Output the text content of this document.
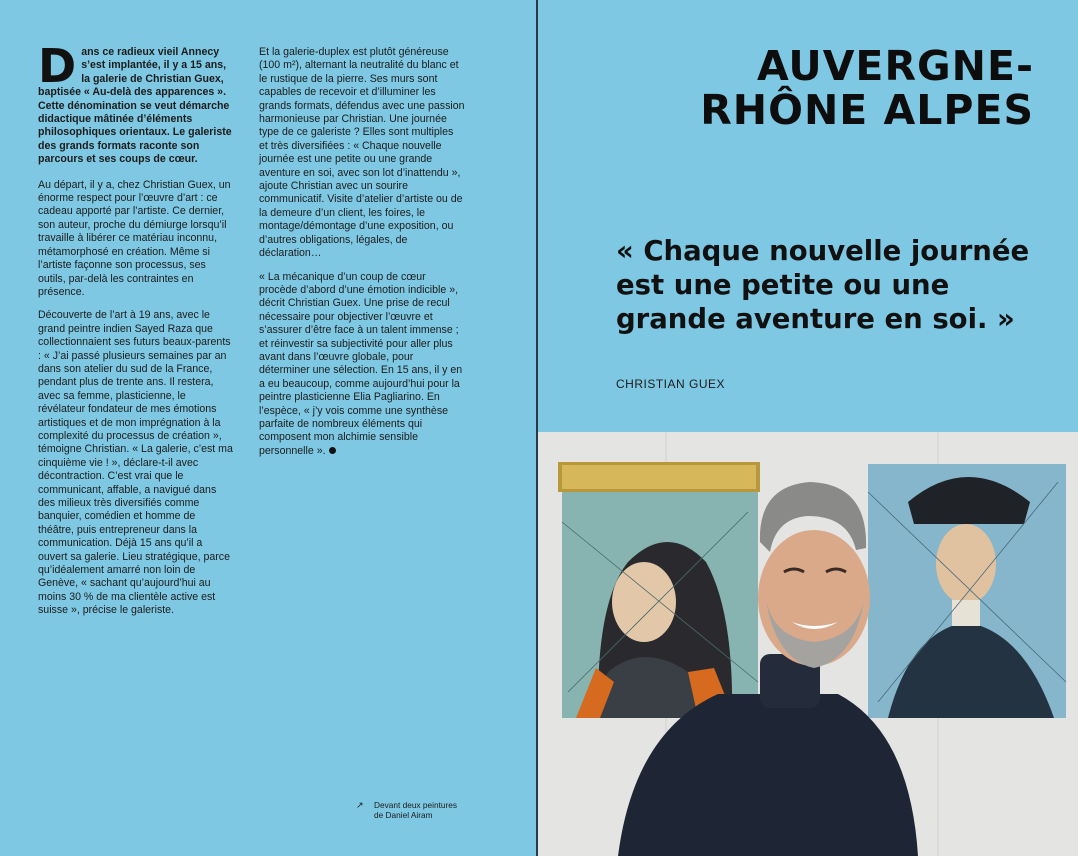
Dans ce radieux vieil Annecy s’est implantée, il y a 15 ans, la galerie de Christian Guex, baptisée « Au-delà des apparences ». Cette dénomination se veut démarche didactique mâtinée d’éléments philosophiques orientaux. Le galeriste des grands formats raconte son parcours et ses coups de cœur.

Au départ, il y a, chez Christian Guex, un énorme respect pour l’œuvre d’art : ce cadeau apporté par l’artiste. Ce dernier, son auteur, proche du démiurge lorsqu’il travaille à libérer ce matériau inconnu, métamorphosé en création. Même si l’artiste façonne son processus, ses outils, par-delà les contraintes en présence.

Découverte de l’art à 19 ans, avec le grand peintre indien Sayed Raza que collectionnaient ses futurs beaux-parents : « J’ai passé plusieurs semaines par an dans son atelier du sud de la France, pendant plus de trente ans. Il restera, avec sa femme, plasticienne, le révélateur fondateur de mes émotions artistiques et de mon imprégnation à la complexité du processus de création », témoigne Christian. « La galerie, c’est ma cinquième vie ! », déclare-t-il avec décontraction. C’est vrai que le communicant, affable, a navigué dans des milieux très diversifiés comme banquier, comédien et homme de théâtre, puis entrepreneur dans la communication. Déjà 15 ans qu’il a ouvert sa galerie. Lieu stratégique, parce qu’idéalement amarré non loin de Genève, « sachant qu’aujourd’hui au moins 30 % de ma clientèle active est suisse », précise le galeriste.

Et la galerie-duplex est plutôt généreuse (100 m²), alternant la neutralité du blanc et le rustique de la pierre. Ses murs sont capables de recevoir et d’illuminer les grands formats, défendus avec une passion harmonieuse par Christian. Une journée type de ce galeriste ? Elles sont multiples et très diversifiées : « Chaque nouvelle journée est une petite ou une grande aventure en soi, avec son lot d’inattendu », ajoute Christian avec un sourire communicatif. Visite d’atelier d’artiste ou de la demeure d’un client, les foires, le montage/démontage d’une exposition, ou d’autres obligations, légales, de déclaration…

« La mécanique d’un coup de cœur procède d’abord d’une émotion indicible », décrit Christian Guex. Une prise de recul nécessaire pour objectiver l’œuvre et s’assurer d’être face à un talent immense ; et réinvestir sa subjectivité pour aller plus avant dans l’œuvre globale, pour déterminer une sélection. En 15 ans, il y en a eu beaucoup, comme aujourd’hui pour la peintre plasticienne Elia Pagliarino. En l’espèce, « j’y vois comme une synthèse parfaite de nombreux éléments qui composent mon alchimie sensible personnelle ».

↗ Devant deux peintures de Daniel Airam
AUVERGNE-
RHÔNE ALPES
« Chaque nouvelle journée est une petite ou une grande aventure en soi. »
CHRISTIAN GUEX
